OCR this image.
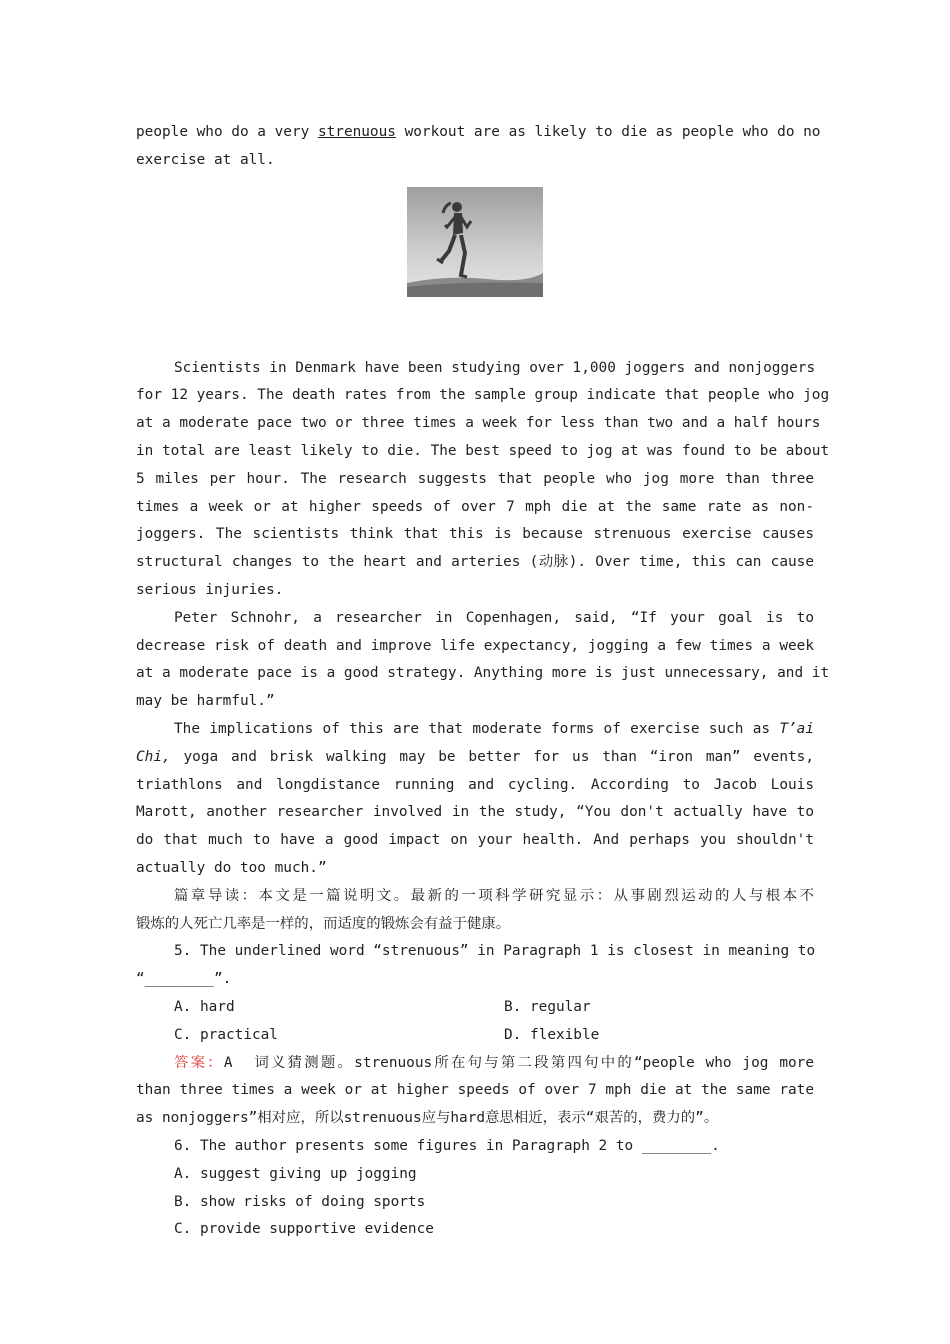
people who do a very strenuous workout are as likely to die as people who do no
exercise at all.
Scientists in Denmark have been studying over 1,000 joggers and nonjoggers
for 12 years. The death rates from the sample group indicate that people who jog
at a moderate pace two or three times a week for less than two and a half hours
in total are least likely to die. The best speed to jog at was found to be about
5 miles per hour. The research suggests that people who jog more than three
times a week or at higher speeds of over 7 mph die at the same rate as non-
joggers. The scientists think that this is because strenuous exercise causes
structural changes to the heart and arteries (动脉). Over time, this can cause
serious injuries.
Peter Schnohr, a researcher in Copenhagen, said, “If your goal is to
decrease risk of death and improve life expectancy, jogging a few times a week
at a moderate pace is a good strategy. Anything more is just unnecessary, and it
may be harmful.”
The implications of this are that moderate forms of exercise such as T’ai
Chi, yoga and brisk walking may be better for us than “iron man” events,
triathlons and longdistance running and cycling. According to Jacob Louis
Marott, another researcher involved in the study, “You don't actually have to
do that much to have a good impact on your health. And perhaps you shouldn't
actually do too much.”
篇章导读：本文是一篇说明文。最新的一项科学研究显示：从事剧烈运动的人与根本不
锻炼的人死亡几率是一样的，而适度的锻炼会有益于健康。
5. The underlined word “strenuous” in Paragraph 1 is closest in meaning to
“________”.
A. hard	B. regular
C. practical	D. flexible
答案：A  词义猜测题。strenuous所在句与第二段第四句中的“people who jog more
than three times a week or at higher speeds of over 7 mph die at the same rate
as nonjoggers”相对应，所以strenuous应与hard意思相近，表示“艰苦的，费力的”。
6. The author presents some figures in Paragraph 2 to ________.
A. suggest giving up jogging
B. show risks of doing sports
C. provide supportive evidence
